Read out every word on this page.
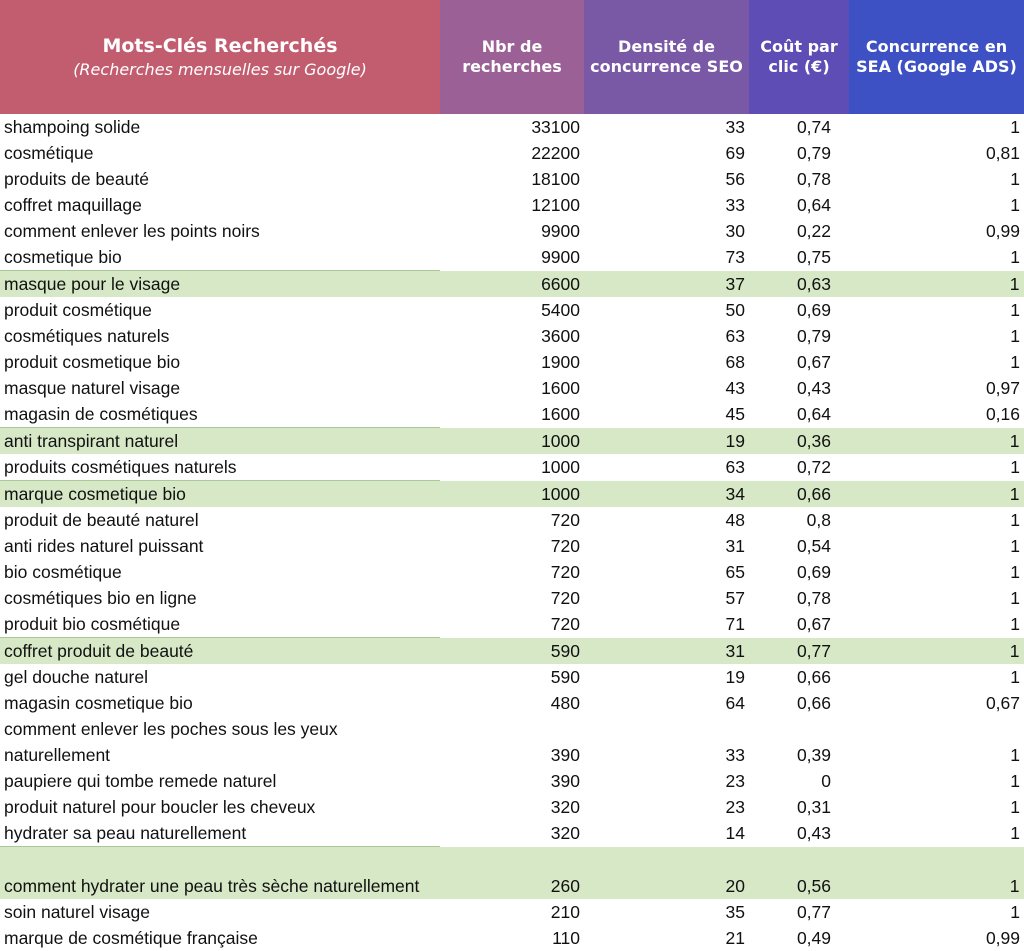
Mots-Clés Recherchés
(Recherches mensuelles sur Google)	Nbr de recherches	Densité de concurrence SEO	Coût par clic (€)	Concurrence en SEA (Google ADS)
shampoing solide	33100	33	0,74	1
cosmétique	22200	69	0,79	0,81
produits de beauté	18100	56	0,78	1
coffret maquillage	12100	33	0,64	1
comment enlever les points noirs	9900	30	0,22	0,99
cosmetique bio	9900	73	0,75	1
masque pour le visage	6600	37	0,63	1
produit cosmétique	5400	50	0,69	1
cosmétiques naturels	3600	63	0,79	1
produit cosmetique bio	1900	68	0,67	1
masque naturel visage	1600	43	0,43	0,97
magasin de cosmétiques	1600	45	0,64	0,16
anti transpirant naturel	1000	19	0,36	1
produits cosmétiques naturels	1000	63	0,72	1
marque cosmetique bio	1000	34	0,66	1
produit de beauté naturel	720	48	0,8	1
anti rides naturel puissant	720	31	0,54	1
bio cosmétique	720	65	0,69	1
cosmétiques bio en ligne	720	57	0,78	1
produit bio cosmétique	720	71	0,67	1
coffret produit de beauté	590	31	0,77	1
gel douche naturel	590	19	0,66	1
magasin cosmetique bio	480	64	0,66	0,67
comment enlever les poches sous les yeux naturellement	390	33	0,39	1
paupiere qui tombe remede naturel	390	23	0	1
produit naturel pour boucler les cheveux	320	23	0,31	1
hydrater sa peau naturellement	320	14	0,43	1
comment hydrater une peau très sèche naturellement	260	20	0,56	1
soin naturel visage	210	35	0,77	1
marque de cosmétique française	110	21	0,49	0,99
